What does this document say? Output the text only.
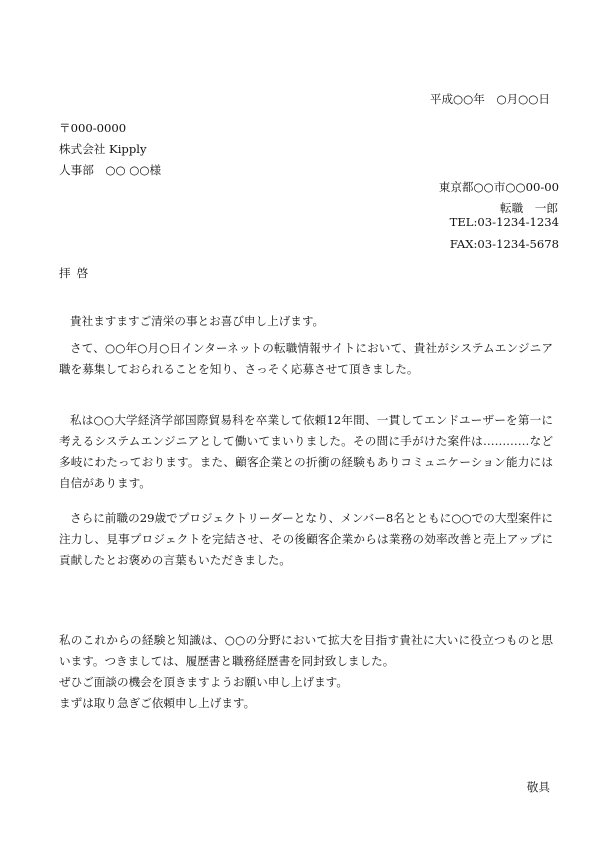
平成○○年　○月○○日
〒000-0000
株式会社 Kipply
人事部　○○ ○○様
東京都○○市○○00-00
転職　一郎
TEL:03-1234-1234
FAX:03-1234-5678
拝啓

貴社ますますご清栄の事とお喜び申し上げます。

さて、○○年○月○日インターネットの転職情報サイトにおいて、貴社がシステムエンジニア職を募集しておられることを知り、さっそく応募させて頂きました。

私は○○大学経済学部国際貿易科を卒業して依頼12年間、一貫してエンドユーザーを第一に考えるシステムエンジニアとして働いてまいりました。その間に手がけた案件は…………など多岐にわたっております。また、顧客企業との折衝の経験もありコミュニケーション能力には自信があります。

さらに前職の29歳でプロジェクトリーダーとなり、メンバー8名とともに○○での大型案件に注力し、見事プロジェクトを完結させ、その後顧客企業からは業務の効率改善と売上アップに貢献したとお褒めの言葉もいただきました。

私のこれからの経験と知識は、○○の分野において拡大を目指す貴社に大いに役立つものと思います。つきましては、履歴書と職務経歴書を同封致しました。

ぜひご面談の機会を頂きますようお願い申し上げます。

まずは取り急ぎご依頼申し上げます。

敬具
